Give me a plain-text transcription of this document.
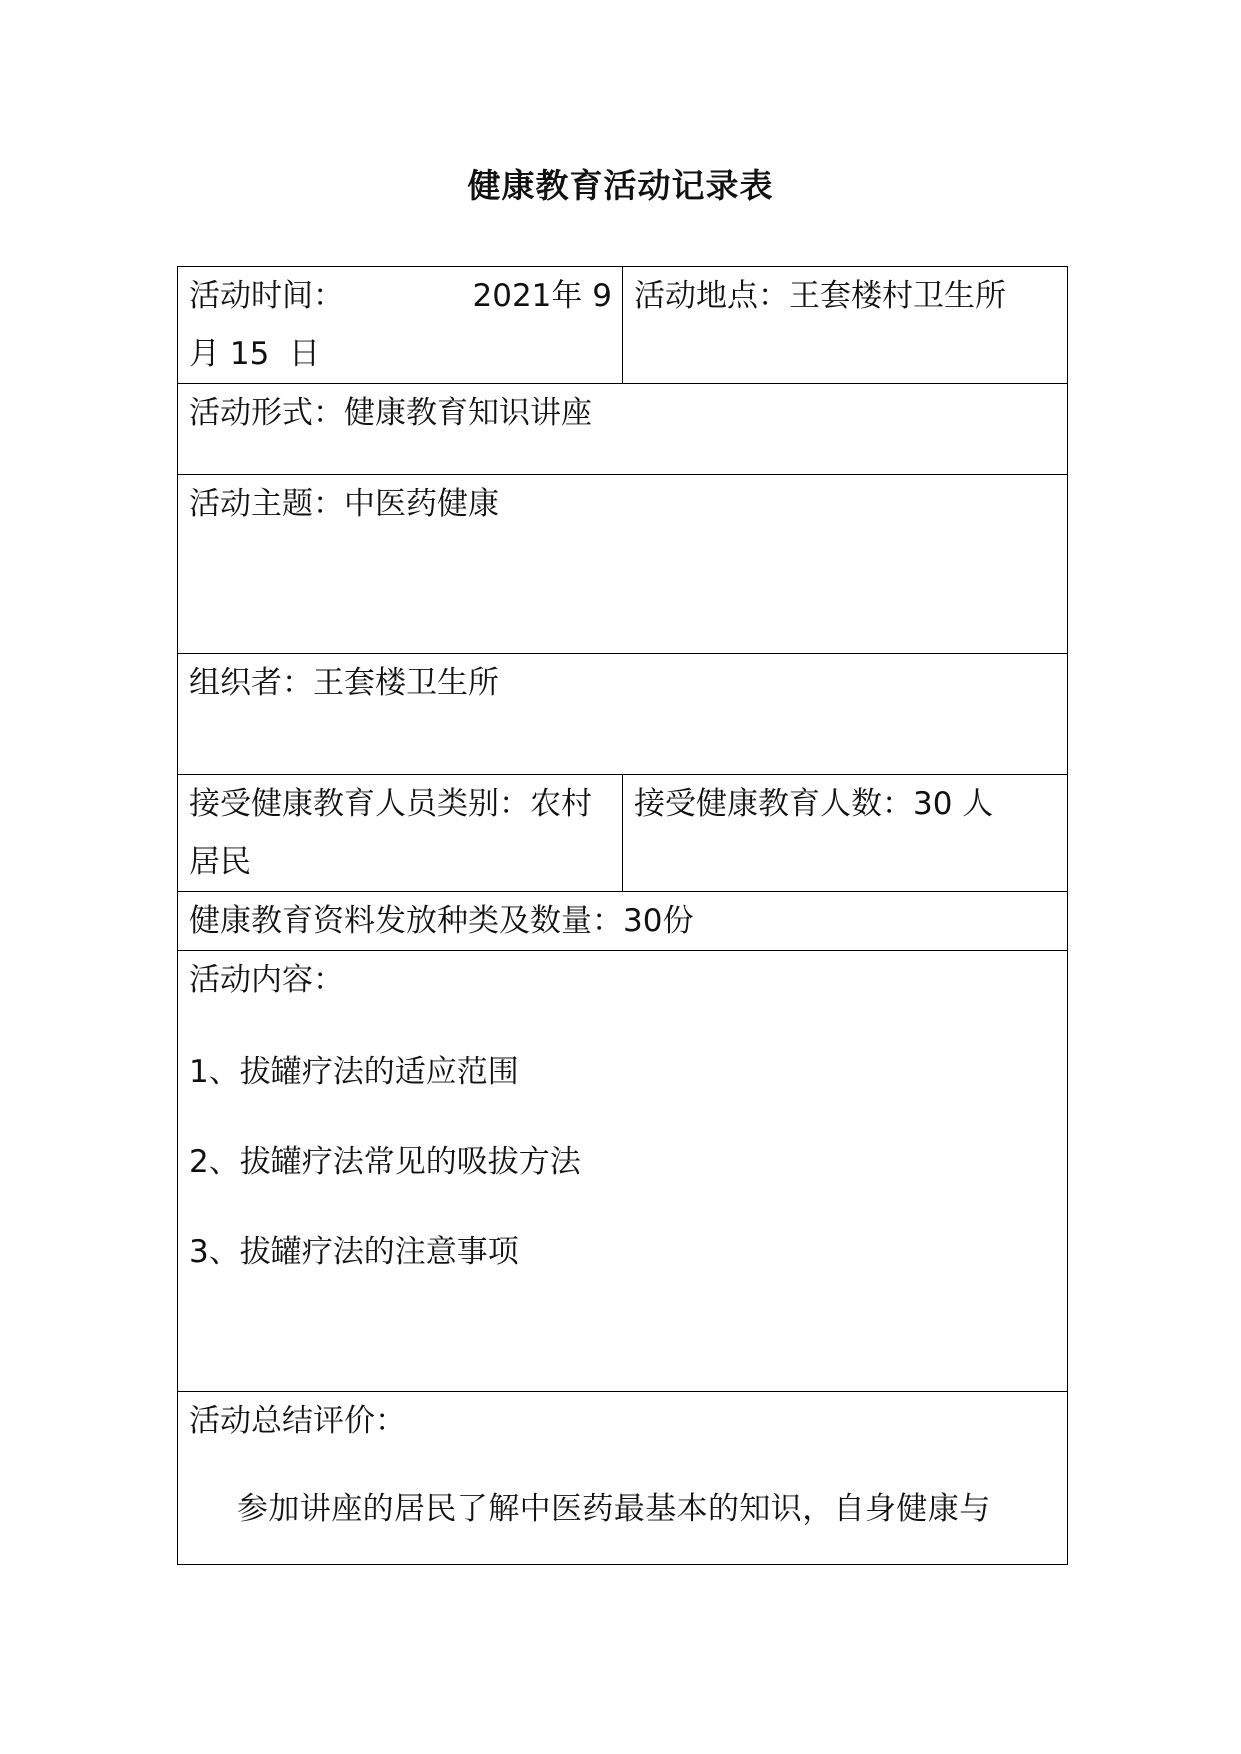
健康教育活动记录表
活动时间： 2021年 9
月 15  日	活动地点：王套楼村卫生所
活动形式：健康教育知识讲座	
活动主题：中医药健康	
组织者：王套楼卫生所	
接受健康教育人员类别：农村居民	接受健康教育人数：30 人
健康教育资料发放种类及数量：30份	
活动内容：
1、拔罐疗法的适应范围
2、拔罐疗法常见的吸拔方法
3、拔罐疗法的注意事项	

活动总结评价：
参加讲座的居民了解中医药最基本的知识，自身健康与	
